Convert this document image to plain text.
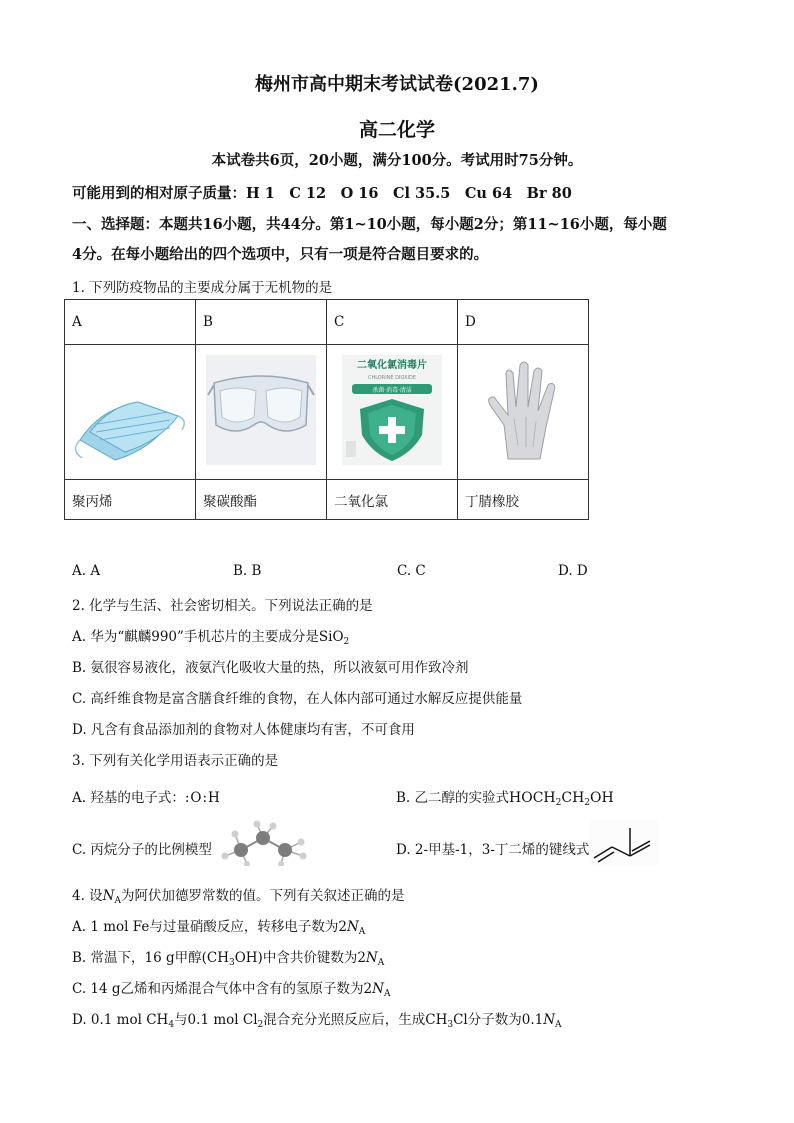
梅州市高中期末考试试卷(2021.7)
高二化学
本试卷共6页，20小题，满分100分。考试用时75分钟。
可能用到的相对原子质量：H 1　C 12　O 16　Cl 35.5　Cu 64　Br 80
一、选择题：本题共16小题，共44分。第1~10小题，每小题2分；第11~16小题，每小题
4分。在每小题给出的四个选项中，只有一项是符合题目要求的。
1. 下列防疫物品的主要成分属于无机物的是
A	B	C	D

二氧化氯消毒片
CHLORINE DIOXIDE
杀菌·消毒·清洁

聚丙烯	聚碳酸酯	二氧化氯	丁腈橡胶
A. A	B. B	C. C	D. D
2. 化学与生活、社会密切相关。下列说法正确的是
A. 华为“麒麟990”手机芯片的主要成分是SiO$_2$
B. 氨很容易液化，液氨汽化吸收大量的热，所以液氨可用作致冷剂
C. 高纤维食物是富含膳食纤维的食物，在人体内部可通过水解反应提供能量
D. 凡含有食品添加剂的食物对人体健康均有害，不可食用
3. 下列有关化学用语表示正确的是
A. 羟基的电子式：:O:H	B. 乙二醇的实验式$HOCH_2CH_2OH$
C. 丙烷分子的比例模型	D. 2-甲基-1，3-丁二烯的键线式
4. 设$N_A$为阿伏加德罗常数的值。下列有关叙述正确的是
A. 1 mol Fe与过量硝酸反应，转移电子数为$2N_A$
B. 常温下，16 g甲醇$(CH_3OH)$中含共价键数为$2N_A$
C. 14 g乙烯和丙烯混合气体中含有的氢原子数为$2N_A$
D. 0.1 mol $CH_4$与0.1 mol $Cl_2$混合充分光照反应后，生成$CH_3Cl$分子数为$0.1N_A$
